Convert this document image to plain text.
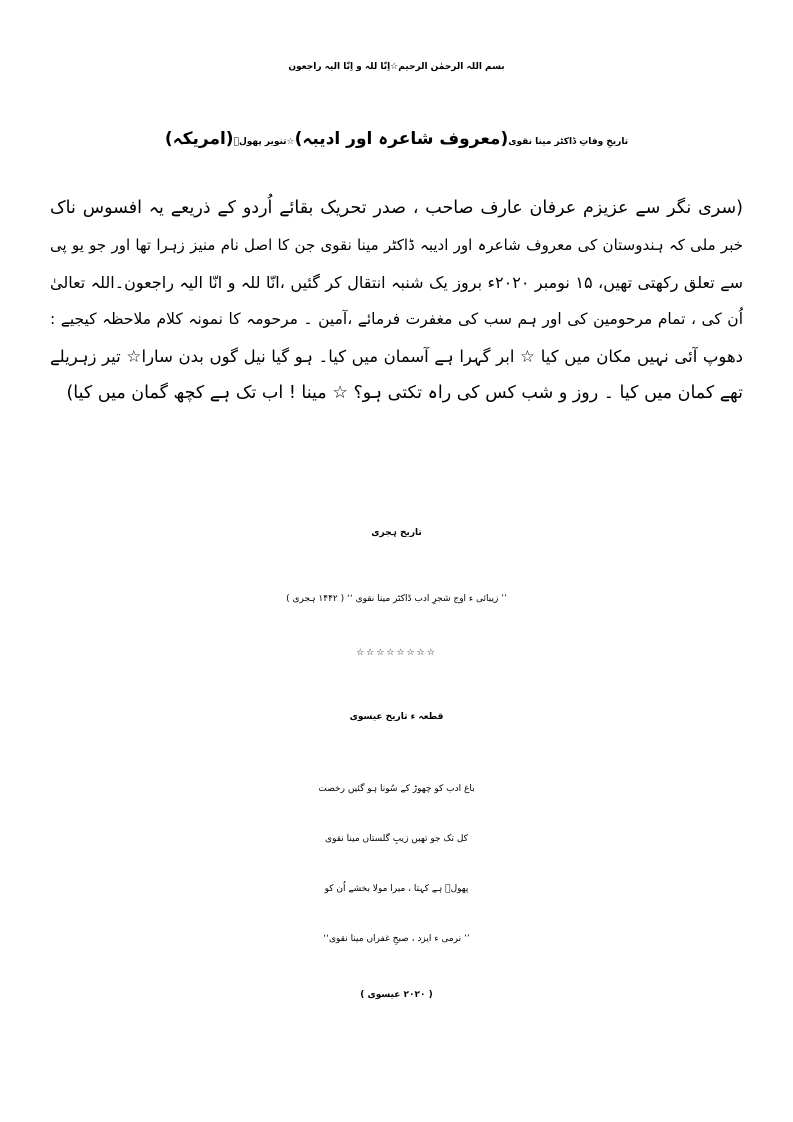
بسم اللہ الرحمٰن الرحیم☆اِنّا للہ و اِنّا الیہ راجعون
تاریخِ وفاتِ ڈاکٹر مینا نقوی(معروف شاعرہ اور ادیبہ)☆تنویر پھولؔ(امریکہ)
(سری نگر سے عزیزم عرفان عارف صاحب ، صدر تحریک بقائے اُردو کے ذریعے یہ افسوس ناک
خبر ملی کہ ہندوستان کی معروف شاعرہ اور ادیبہ ڈاکٹر مینا نقوی جن کا اصل نام منیز زہرا تھا اور جو یو پی
سے تعلق رکھتی تھیں، ۱۵ نومبر ۲۰۲۰ء بروز یک شنبہ انتقال کر گئیں ،انّا للہ و انّا الیہ راجعون۔اللہ تعالیٰ
اُن کی ، تمام مرحومین کی اور ہم سب کی مغفرت فرمائے ،آمین ۔ مرحومہ کا نمونہ کلام ملاحظہ کیجیے :
دھوپ آئی نہیں مکان میں کیا ☆ ابر گہرا ہے آسمان میں کیا۔ ہو گیا نیل گوں بدن سارا☆ تیر زہریلے
تھے کمان میں کیا ۔ روز و شب کس کی راہ تکتی ہو؟ ☆ مینا ! اب تک ہے کچھ گمان میں کیا)
تاریخ ہجری
’’ زیبائی ء اوج شجرِ ادب ڈاکٹر مینا نقوی ‘‘ ( ۱۴۴۲ ہجری )
☆☆☆☆☆☆☆☆
قطعہ ء تاریخ عیسوی
باغ ادب کو چھوڑ کے سُونا ہو گئیں رخصت
کل تک جو تھیں زیبِ گلستاں مینا نقوی
پھولؔ ہے کہتا ، میرا مولا بخشے اُن کو
’’ نرمی ء ایزد ، صبحِ غفراں مینا نقوی‘‘
( ۲۰۲۰ عیسوی )
